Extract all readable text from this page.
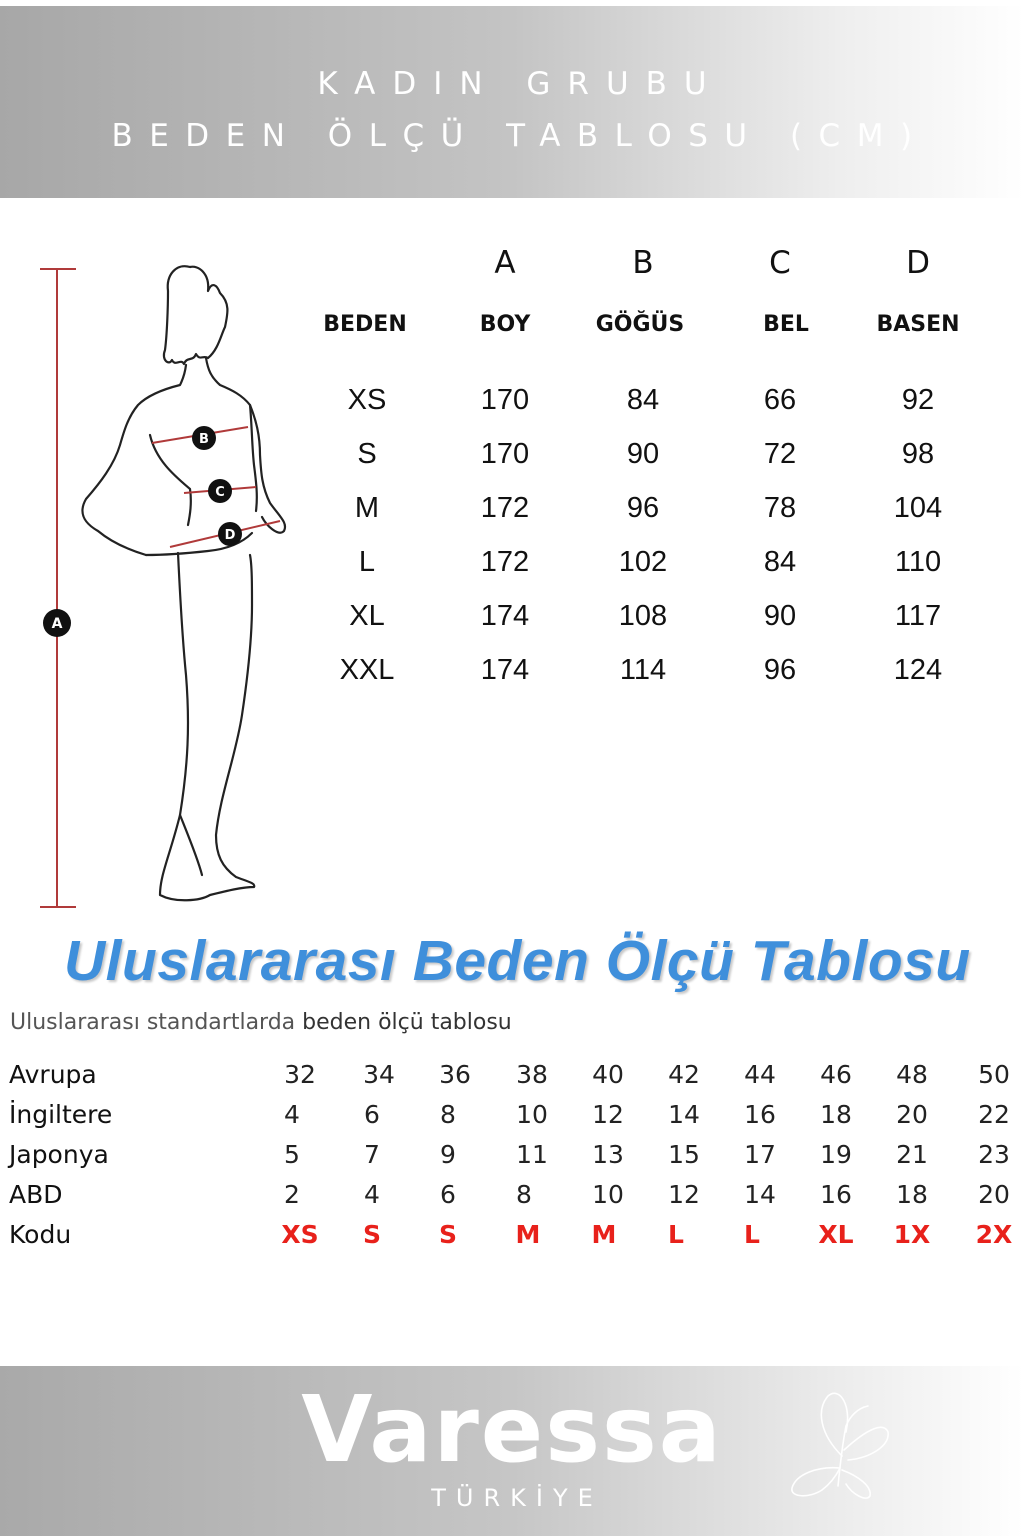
KADIN GRUBU
BEDEN ÖLÇÜ TABLOSU (CM)
B
C
D
A
A	B	C	D
BEDEN	BOY	GÖĞÜS	BEL	BASEN
XS	170	84	66	92
S	170	90	72	98
M	172	96	78	104
L	172	102	84	110
XL	174	108	90	117
XXL	174	114	96	124
Uluslararası Beden Ölçü Tablosu
Uluslararası standartlarda beden ölçü tablosu
Avrupa	32 34 36 38 40 42 44 46 48 50
İngiltere	4	6 8 10 12 14 16 18 20 22
Japonya	5	7 9 11 13 15 17 19 21 23
ABD	2	4 6 8 10 12 14 16 18 20
Kodu	XS S S M M L L XL 1X 2X
Varessa
TÜRKİYE
